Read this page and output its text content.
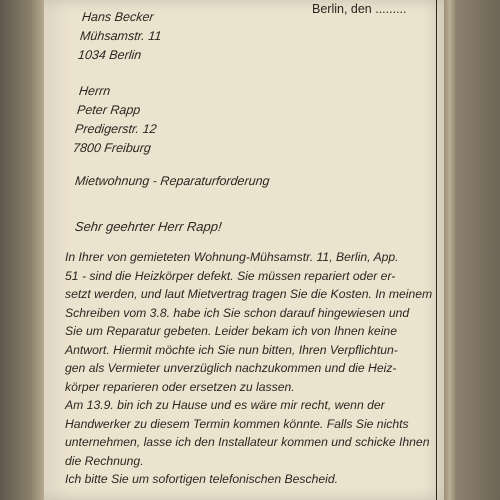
Berlin, den .........
Hans Becker
Mühsamstr. 11
1034 Berlin
Herrn
Peter Rapp
Predigerstr. 12
7800 Freiburg
Mietwohnung - Reparaturforderung
Sehr geehrter Herr Rapp!
In Ihrer von gemieteten Wohnung-Mühsamstr. 11, Berlin, App.
51 - sind die Heizkörper defekt. Sie müssen repariert oder er-
setzt werden, und laut Mietvertrag tragen Sie die Kosten. In meinem
Schreiben vom 3.8. habe ich Sie schon darauf hingewiesen und
Sie um Reparatur gebeten. Leider bekam ich von Ihnen keine
Antwort. Hiermit möchte ich Sie nun bitten, Ihren Verpflichtun-
gen als Vermieter unverzüglich nachzukommen und die Heiz-
körper reparieren oder ersetzen zu lassen.
Am 13.9. bin ich zu Hause und es wäre mir recht, wenn der
Handwerker zu diesem Termin kommen könnte. Falls Sie nichts
unternehmen, lasse ich den Installateur kommen und schicke Ihnen
die Rechnung.
Ich bitte Sie um sofortigen telefonischen Bescheid.
